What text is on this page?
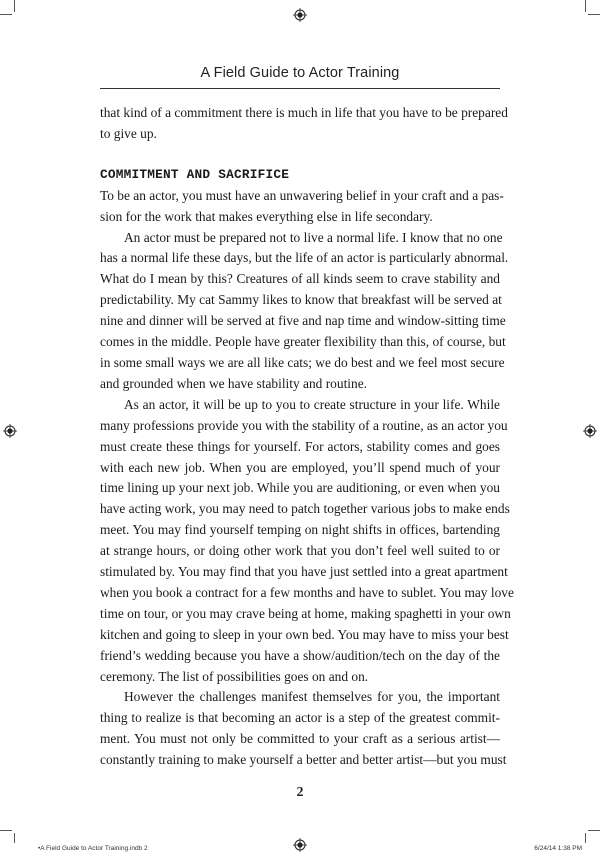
A Field Guide to Actor Training
that kind of a commitment there is much in life that you have to be prepared
to give up.
COMMITMENT AND SACRIFICE
To be an actor, you must have an unwavering belief in your craft and a pas-
sion for the work that makes everything else in life secondary.
An actor must be prepared not to live a normal life. I know that no one
has a normal life these days, but the life of an actor is particularly abnormal.
What do I mean by this? Creatures of all kinds seem to crave stability and
predictability. My cat Sammy likes to know that breakfast will be served at
nine and dinner will be served at five and nap time and window-sitting time
comes in the middle. People have greater flexibility than this, of course, but
in some small ways we are all like cats; we do best and we feel most secure
and grounded when we have stability and routine.
As an actor, it will be up to you to create structure in your life. While
many professions provide you with the stability of a routine, as an actor you
must create these things for yourself. For actors, stability comes and goes
with each new job. When you are employed, you’ll spend much of your
time lining up your next job. While you are auditioning, or even when you
have acting work, you may need to patch together various jobs to make ends
meet. You may find yourself temping on night shifts in offices, bartending
at strange hours, or doing other work that you don’t feel well suited to or
stimulated by. You may find that you have just settled into a great apartment
when you book a contract for a few months and have to sublet. You may love
time on tour, or you may crave being at home, making spaghetti in your own
kitchen and going to sleep in your own bed. You may have to miss your best
friend’s wedding because you have a show/audition/tech on the day of the
ceremony. The list of possibilities goes on and on.
However the challenges manifest themselves for you, the important
thing to realize is that becoming an actor is a step of the greatest commit-
ment. You must not only be committed to your craft as a serious artist—
constantly training to make yourself a better and better artist—but you must
2
•A Field Guide to Actor Training.indb 2	6/24/14 1:38 PM
